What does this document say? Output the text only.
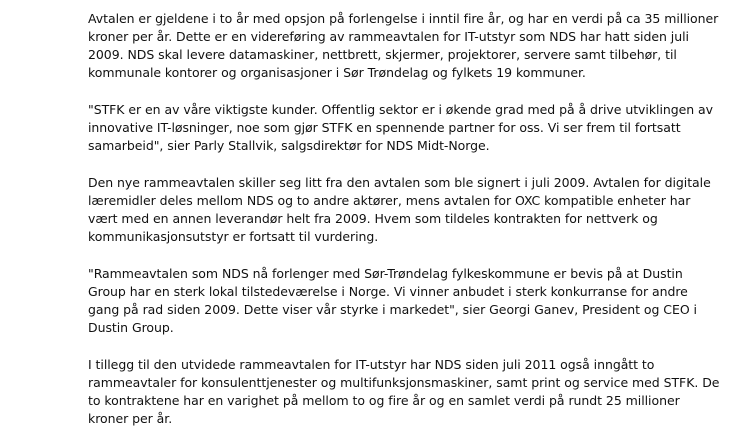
Avtalen er gjeldene i to år med opsjon på forlengelse i inntil fire år, og har en verdi på ca 35 millioner
kroner per år. Dette er en videreføring av rammeavtalen for IT-utstyr som NDS har hatt siden juli
2009. NDS skal levere datamaskiner, nettbrett, skjermer, projektorer, servere samt tilbehør, til
kommunale kontorer og organisasjoner i Sør Trøndelag og fylkets 19 kommuner.

"STFK er en av våre viktigste kunder. Offentlig sektor er i økende grad med på å drive utviklingen av
innovative IT-løsninger, noe som gjør STFK en spennende partner for oss. Vi ser frem til fortsatt
samarbeid", sier Parly Stallvik, salgsdirektør for NDS Midt-Norge.

Den nye rammeavtalen skiller seg litt fra den avtalen som ble signert i juli 2009. Avtalen for digitale
læremidler deles mellom NDS og to andre aktører, mens avtalen for OXC kompatible enheter har
vært med en annen leverandør helt fra 2009. Hvem som tildeles kontrakten for nettverk og
kommunikasjonsutstyr er fortsatt til vurdering.

"Rammeavtalen som NDS nå forlenger med Sør-Trøndelag fylkeskommune er bevis på at Dustin
Group har en sterk lokal tilstedeværelse i Norge. Vi vinner anbudet i sterk konkurranse for andre
gang på rad siden 2009. Dette viser vår styrke i markedet", sier Georgi Ganev, President og CEO i
Dustin Group.

I tillegg til den utvidede rammeavtalen for IT-utstyr har NDS siden juli 2011 også inngått to
rammeavtaler for konsulenttjenester og multifunksjonsmaskiner, samt print og service med STFK. De
to kontraktene har en varighet på mellom to og fire år og en samlet verdi på rundt 25 millioner
kroner per år.
